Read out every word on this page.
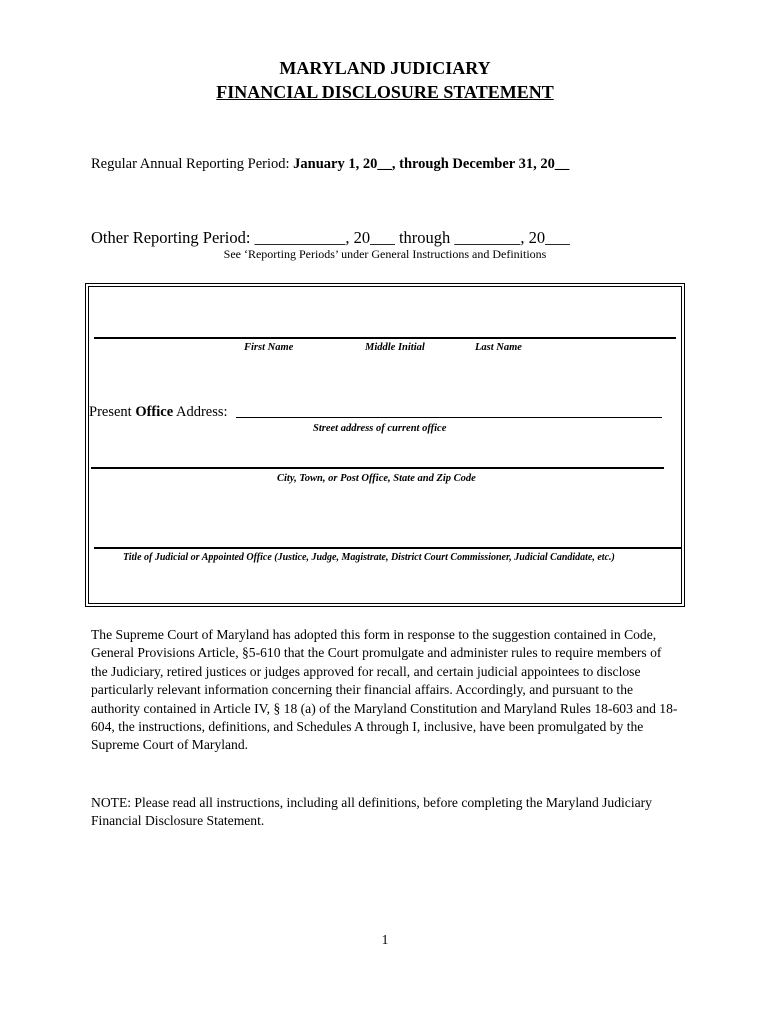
MARYLAND JUDICIARY
FINANCIAL DISCLOSURE STATEMENT
Regular Annual Reporting Period: January 1, 20__, through December 31, 20__
Other Reporting Period: ___________, 20___ through ________, 20___
See ‘Reporting Periods’ under General Instructions and Definitions
First Name	Middle Initial	Last Name
Present Office Address:
Street address of current office
City, Town, or Post Office, State and Zip Code
Title of Judicial or Appointed Office (Justice, Judge, Magistrate, District Court Commissioner, Judicial Candidate, etc.)
The Supreme Court of Maryland has adopted this form in response to the suggestion contained in Code, General Provisions Article, §5-610 that the Court promulgate and administer rules to require members of the Judiciary, retired justices or judges approved for recall, and certain judicial appointees to disclose particularly relevant information concerning their financial affairs. Accordingly, and pursuant to the authority contained in Article IV, § 18 (a) of the Maryland Constitution and Maryland Rules 18-603 and 18-604, the instructions, definitions, and Schedules A through I, inclusive, have been promulgated by the Supreme Court of Maryland.
NOTE: Please read all instructions, including all definitions, before completing the Maryland Judiciary Financial Disclosure Statement.
1
